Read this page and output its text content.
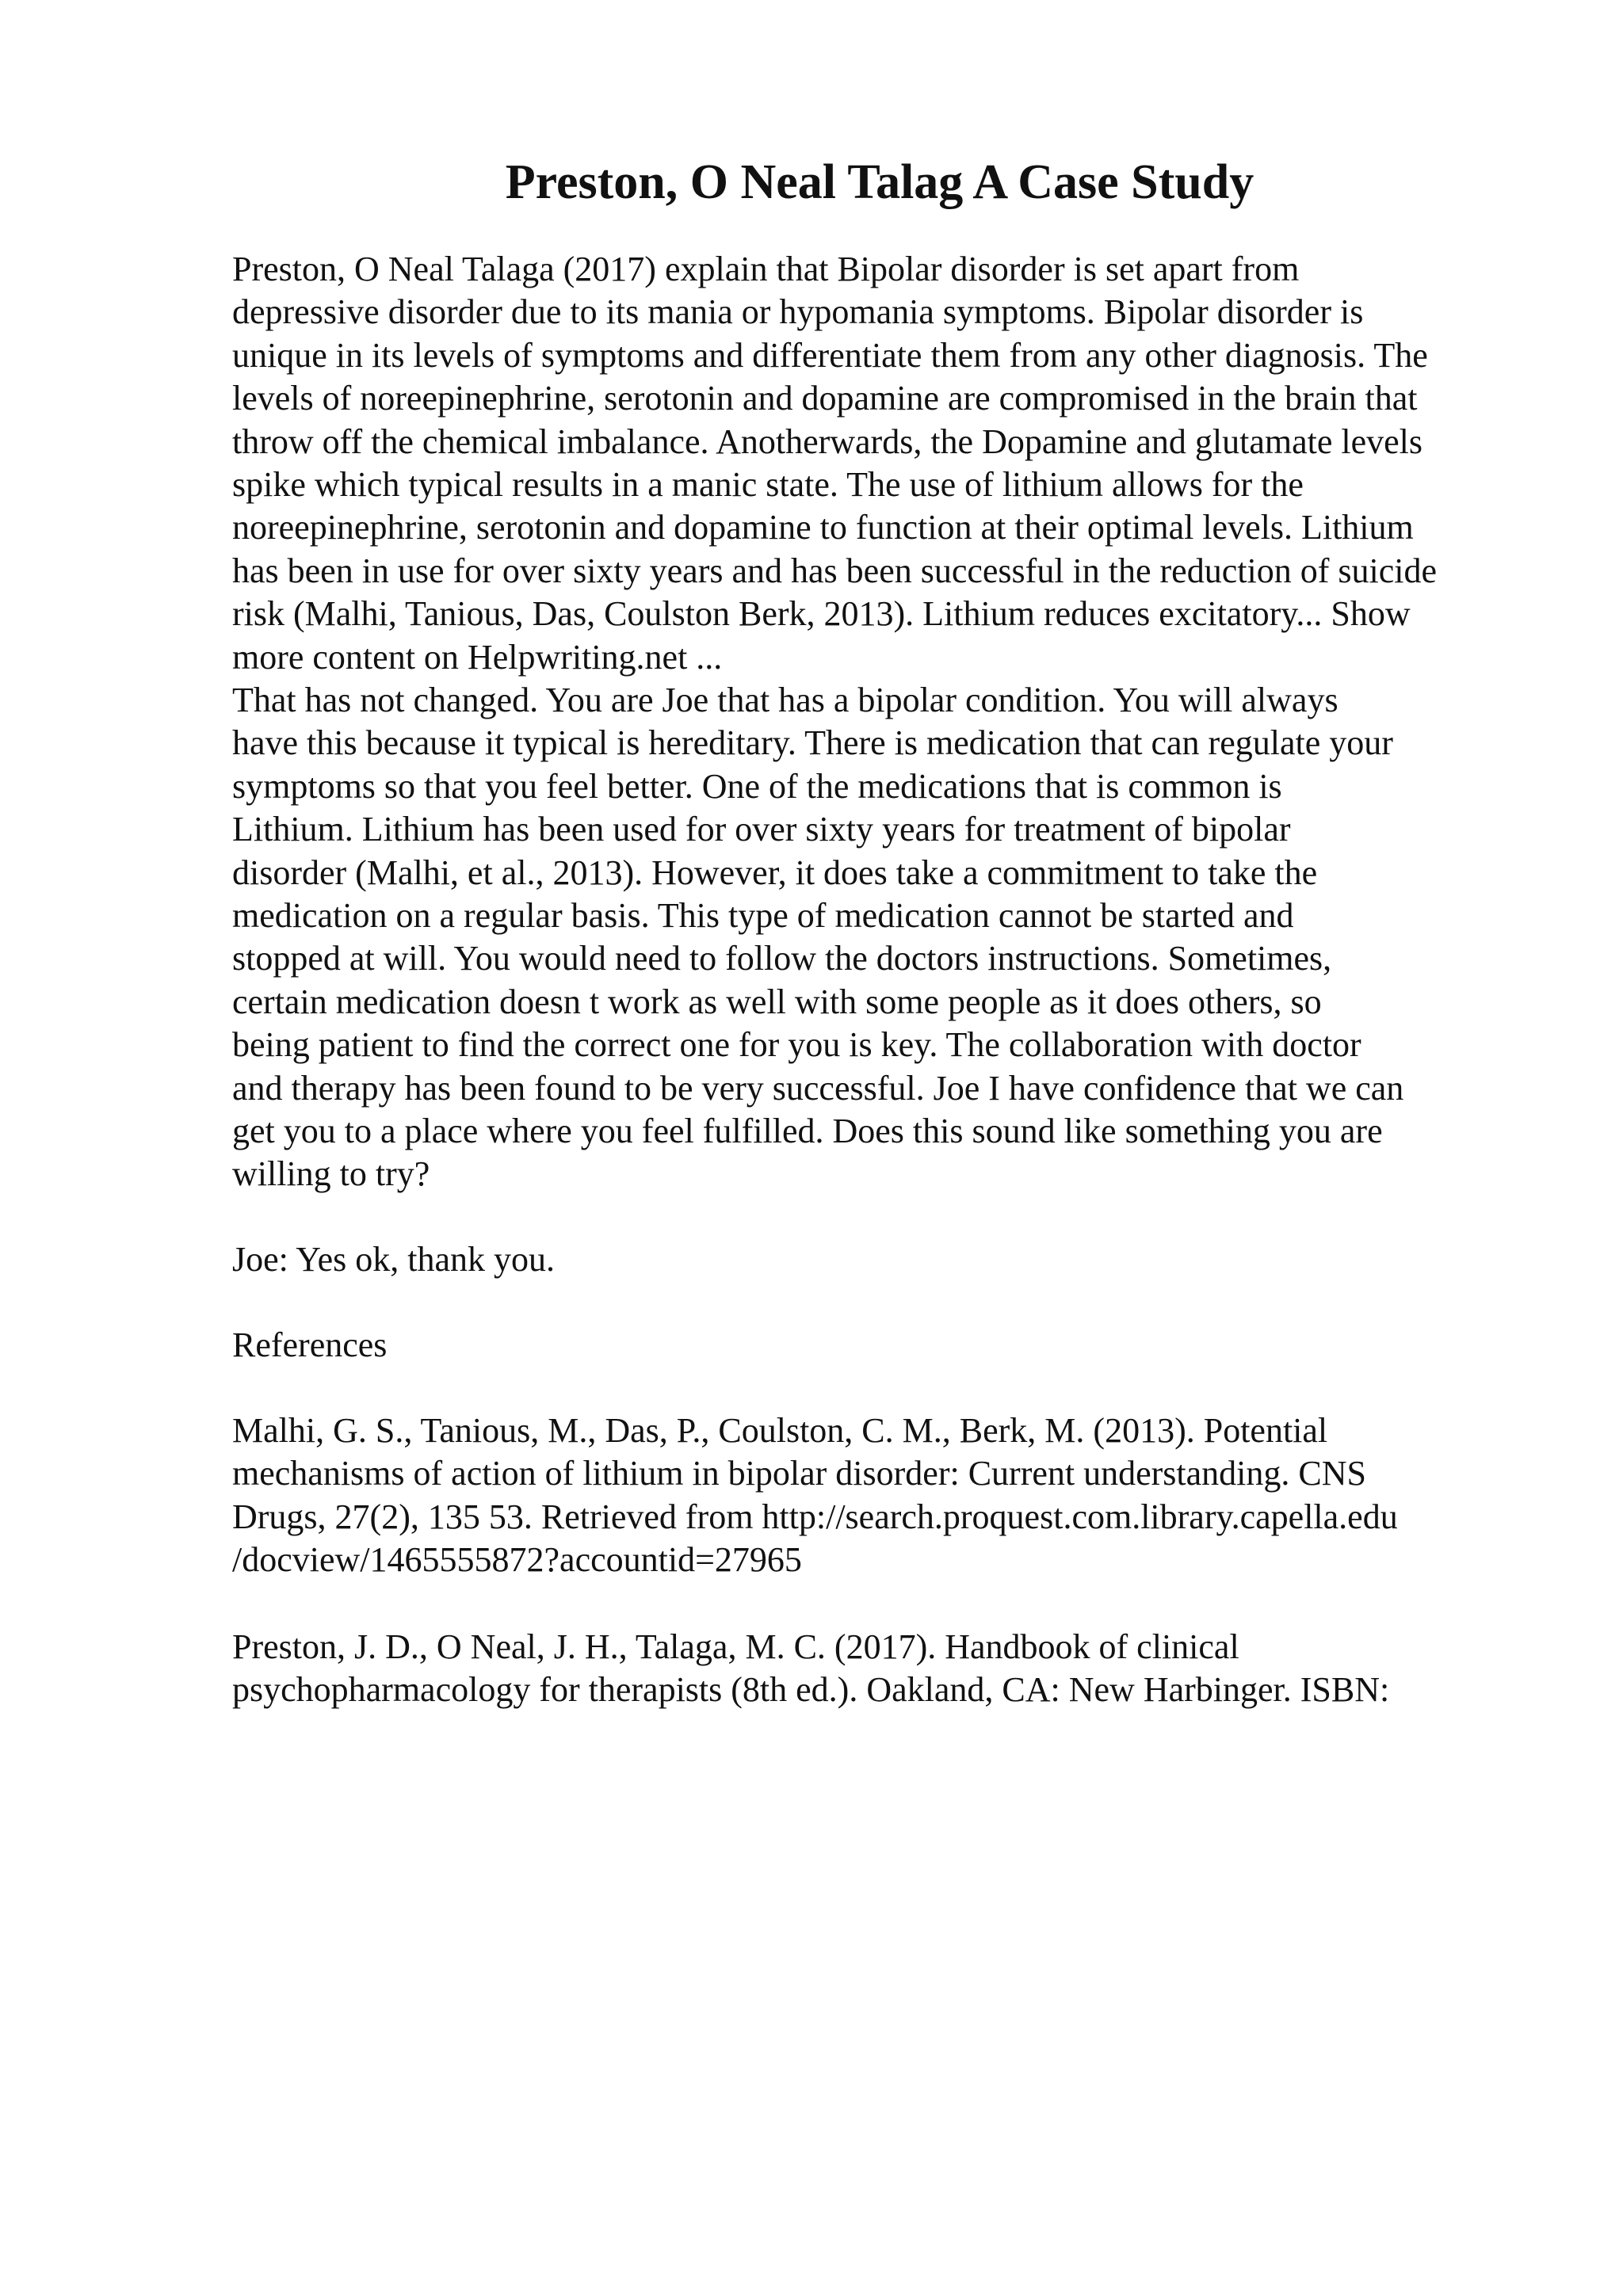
Preston, O Neal Talag A Case Study

Preston, O Neal Talaga (2017) explain that Bipolar disorder is set apart from
depressive disorder due to its mania or hypomania symptoms. Bipolar disorder is
unique in its levels of symptoms and differentiate them from any other diagnosis. The
levels of noreepinephrine, serotonin and dopamine are compromised in the brain that
throw off the chemical imbalance. Anotherwards, the Dopamine and glutamate levels
spike which typical results in a manic state. The use of lithium allows for the
noreepinephrine, serotonin and dopamine to function at their optimal levels. Lithium
has been in use for over sixty years and has been successful in the reduction of suicide
risk (Malhi, Tanious, Das, Coulston Berk, 2013). Lithium reduces excitatory... Show
more content on Helpwriting.net ...

That has not changed. You are Joe that has a bipolar condition. You will always
have this because it typical is hereditary. There is medication that can regulate your
symptoms so that you feel better. One of the medications that is common is
Lithium. Lithium has been used for over sixty years for treatment of bipolar
disorder (Malhi, et al., 2013). However, it does take a commitment to take the
medication on a regular basis. This type of medication cannot be started and
stopped at will. You would need to follow the doctors instructions. Sometimes,
certain medication doesn t work as well with some people as it does others, so
being patient to find the correct one for you is key. The collaboration with doctor
and therapy has been found to be very successful. Joe I have confidence that we can
get you to a place where you feel fulfilled. Does this sound like something you are
willing to try?

Joe: Yes ok, thank you.

References

Malhi, G. S., Tanious, M., Das, P., Coulston, C. M., Berk, M. (2013). Potential
mechanisms of action of lithium in bipolar disorder: Current understanding. CNS
Drugs, 27(2), 135 53. Retrieved from http://search.proquest.com.library.capella.edu
/docview/1465555872?accountid=27965

Preston, J. D., O Neal, J. H., Talaga, M. C. (2017). Handbook of clinical
psychopharmacology for therapists (8th ed.). Oakland, CA: New Harbinger. ISBN:
